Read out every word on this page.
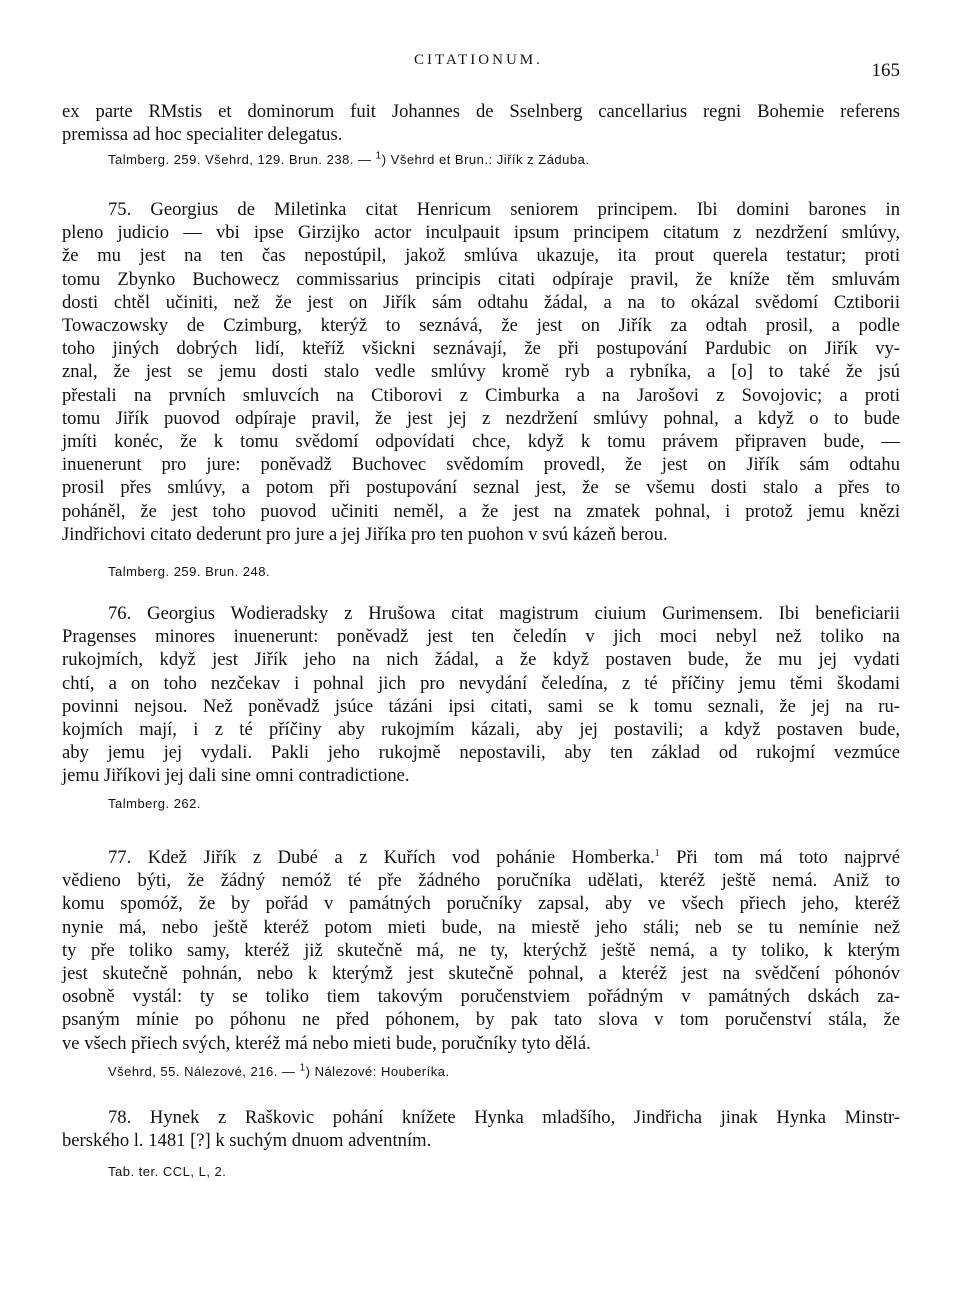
CITATIONUM.	165
ex parte RMstis et dominorum fuit Johannes de Sselnberg cancellarius regni Bohemie referens
premissa ad hoc specialiter delegatus.
Talmberg. 259. Všehrd, 129. Brun. 238. — $^1$) Všehrd et Brun.: Jiřík z Záduba.
75. Georgius de Miletinka citat Henricum seniorem principem. Ibi domini barones in
pleno judicio — vbi ipse Girzijko actor inculpauit ipsum principem citatum z nezdržení smlúvy,
že mu jest na ten čas nepostúpil, jakož smlúva ukazuje, ita prout querela testatur; proti
tomu Zbynko Buchowecz commissarius principis citati odpíraje pravil, že kníže těm smluvám
dosti chtěl učiniti, než že jest on Jiřík sám odtahu žádal, a na to okázal svědomí Cztiborii
Towaczowsky de Czimburg, kterýž to seznává, že jest on Jiřík za odtah prosil, a podle
toho jiných dobrých lidí, kteříž všickni seznávají, že při postupování Pardubic on Jiřík vy-
znal, že jest se jemu dosti stalo vedle smlúvy kromě ryb a rybníka, a [o] to také že jsú
přestali na prvních smluvcích na Ctiborovi z Cimburka a na Jarošovi z Sovojovic; a proti
tomu Jiřík puovod odpíraje pravil, že jest jej z nezdržení smlúvy pohnal, a když o to bude
jmíti konéc, že k tomu svědomí odpovídati chce, když k tomu právem připraven bude, —
inuenerunt pro jure: poněvadž Buchovec svědomím provedl, že jest on Jiřík sám odtahu
prosil přes smlúvy, a potom při postupování seznal jest, že se všemu dosti stalo a přes to
poháněl, že jest toho puovod učiniti neměl, a že jest na zmatek pohnal, i protož jemu knězi
Jindřichovi citato dederunt pro jure a jej Jiříka pro ten puohon v svú kázeň berou.
Talmberg. 259. Brun. 248.
76. Georgius Wodieradsky z Hrušowa citat magistrum ciuium Gurimensem. Ibi beneficiarii
Pragenses minores inuenerunt: poněvadž jest ten čeledín v jich moci nebyl než toliko na
rukojmích, když jest Jiřík jeho na nich žádal, a že když postaven bude, že mu jej vydati
chtí, a on toho nezčekav i pohnal jich pro nevydání čeledína, z té příčiny jemu těmi škodami
povinni nejsou. Než poněvadž jsúce tázáni ipsi citati, sami se k tomu seznali, že jej na ru-
kojmích mají, i z té příčiny aby rukojmím kázali, aby jej postavili; a když postaven bude,
aby jemu jej vydali. Pakli jeho rukojmě nepostavili, aby ten základ od rukojmí vezmúce
jemu Jiříkovi jej dali sine omni contradictione.
Talmberg. 262.
77. Kdež Jiřík z Dubé a z Kuřích vod pohánie Homberka.$^1$ Při tom má toto najprvé
vědieno býti, že žádný nemóž té pře žádného poručníka udělati, kteréž ještě nemá. Aniž to
komu spomóž, že by pořád v památných poručníky zapsal, aby ve všech přiech jeho, kteréž
nynie má, nebo ještě kteréž potom mieti bude, na miestě jeho stáli; neb se tu nemínie než
ty pře toliko samy, kteréž již skutečně má, ne ty, kterýchž ještě nemá, a ty toliko, k kterým
jest skutečně pohnán, nebo k kterýmž jest skutečně pohnal, a kteréž jest na svědčení póhonóv
osobně vystál: ty se toliko tiem takovým poručenstviem pořádným v památných dskách za-
psaným mínie po póhonu ne před póhonem, by pak tato slova v tom poručenství stála, že
ve všech přiech svých, kteréž má nebo mieti bude, poručníky tyto dělá.
Všehrd, 55. Nálezové, 216. — $^1$) Nálezové: Houberíka.
78. Hynek z Raškovic pohání knížete Hynka mladšího, Jindřicha jinak Hynka Minstr-
berského l. 1481 [?] k suchým dnuom adventním.
Tab. ter. CCL, L, 2.
